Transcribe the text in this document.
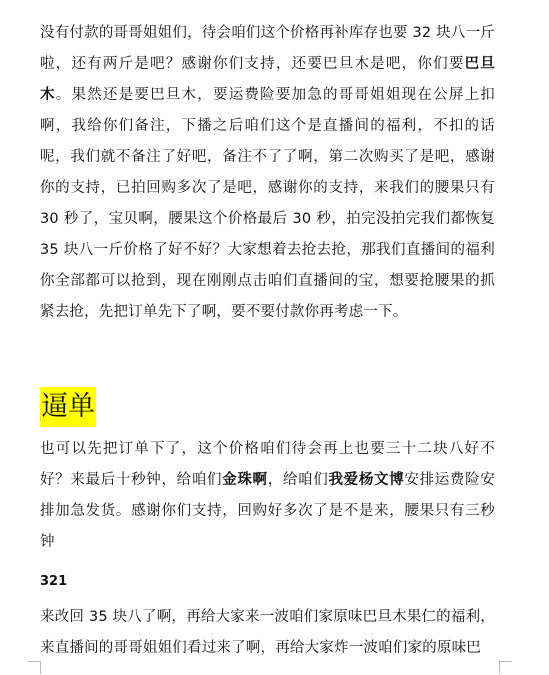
没有付款的哥哥姐姐们，待会咱们这个价格再补库存也要 32 块八一斤啦，还有两斤是吧？感谢你们支持，还要巴旦木是吧，你们要巴旦木。果然还是要巴旦木，要运费险要加急的哥哥姐姐现在公屏上扣啊，我给你们备注，下播之后咱们这个是直播间的福利，不扣的话呢，我们就不备注了好吧，备注不了了啊，第二次购买了是吧，感谢你的支持，已拍回购多次了是吧，感谢你的支持，来我们的腰果只有 30 秒了，宝贝啊，腰果这个价格最后 30 秒，拍完没拍完我们都恢复 35 块八一斤价格了好不好？大家想着去抢去抢，那我们直播间的福利你全部都可以抢到，现在刚刚点击咱们直播间的宝，想要抢腰果的抓紧去抢，先把订单先下了啊，要不要付款你再考虑一下。

逼单

也可以先把订单下了，这个价格咱们待会再上也要三十二块八好不好？来最后十秒钟，给咱们金珠啊，给咱们我爱杨文博安排运费险安排加急发货。感谢你们支持，回购好多次了是不是来，腰果只有三秒钟

321

来改回 35 块八了啊，再给大家来一波咱们家原味巴旦木果仁的福利，来直播间的哥哥姐姐们看过来了啊，再给大家炸一波咱们家的原味巴
